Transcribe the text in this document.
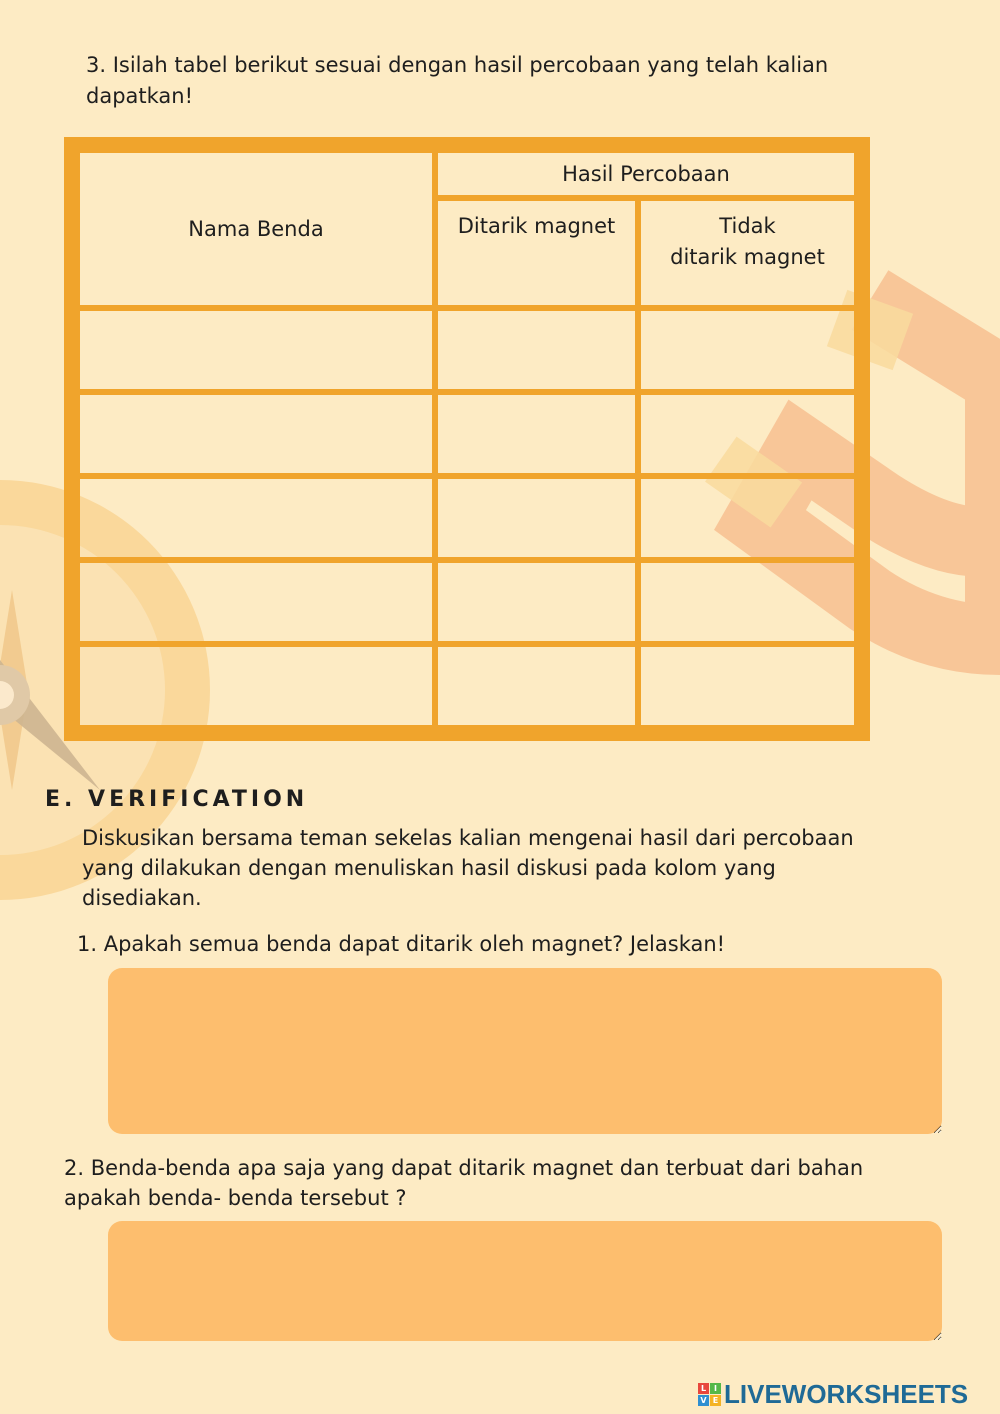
3. Isilah tabel berikut sesuai dengan hasil percobaan yang telah kalian dapatkan!

Nama Benda	Hasil Percobaan	
	Ditarik magnet	Tidak
ditarik magnet

E. VERIFICATION

Diskusikan bersama teman sekelas kalian mengenai hasil dari percobaan yang dilakukan dengan menuliskan hasil diskusi pada kolom yang disediakan.

1. Apakah semua benda dapat ditarik oleh magnet? Jelaskan!

2. Benda-benda apa saja yang dapat ditarik magnet dan terbuat dari bahan apakah benda- benda tersebut ?

L I
V E LIVEWORKSHEETS
